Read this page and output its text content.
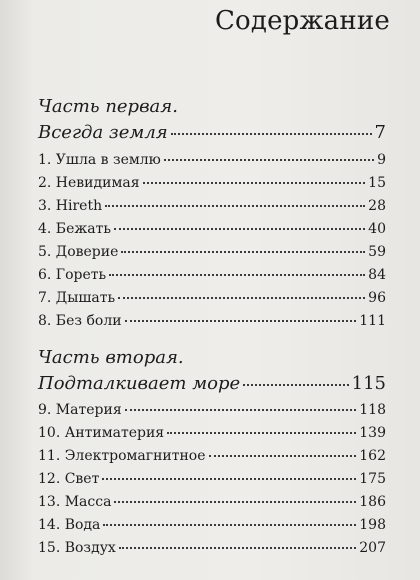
Содержание
Часть первая.
Всегда земля	7
1. Ушла в землю	9
2. Невидимая	15
3. Hireth	28
4. Бежать	40
5. Доверие	59
6. Гореть	84
7. Дышать	96
8. Без боли	111
Часть вторая.
Подталкивает море	115
9. Материя	118
10. Антиматерия	139
11. Электромагнитное	162
12. Свет	175
13. Масса	186
14. Вода	198
15. Воздух	207
